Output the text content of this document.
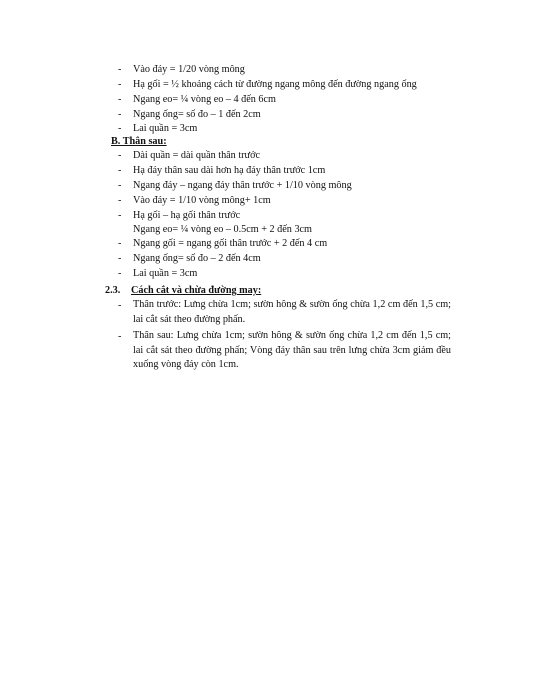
- Vào đáy = 1/20 vòng mông
- Hạ gối = ½ khoảng cách từ đường ngang mông đến đường ngang ống
- Ngang eo= ¼ vòng eo – 4 đến 6cm
- Ngang ống= số đo – 1 đến 2cm
- Lai quần = 3cm
B. Thân sau:
- Dài quần = dài quần thân trước
- Hạ đáy thân sau dài hơn hạ đáy thân trước 1cm
- Ngang đáy – ngang đáy thân trước + 1/10 vòng mông
- Vào đáy = 1/10 vòng mông+ 1cm
- Hạ gối – hạ gối thân trước
Ngang eo= ¼ vòng eo – 0.5cm + 2 đến 3cm
- Ngang gối = ngang gối thân trước + 2 đến 4 cm
- Ngang ống= số đo – 2 đến 4cm
- Lai quần = 3cm
2.3. Cách cắt và chừa đường may:
- Thân trước: Lưng chừa 1cm; sườn hông & sườn ống chừa 1,2 cm đến 1,5 cm; lai cắt sát theo đường phấn.
- Thân sau: Lưng chừa 1cm; sườn hông & sườn ống chừa 1,2 cm đến 1,5 cm; lai cắt sát theo đường phấn; Vòng đáy thân sau trên lưng chừa 3cm giảm đều xuống vòng đáy còn 1cm.
